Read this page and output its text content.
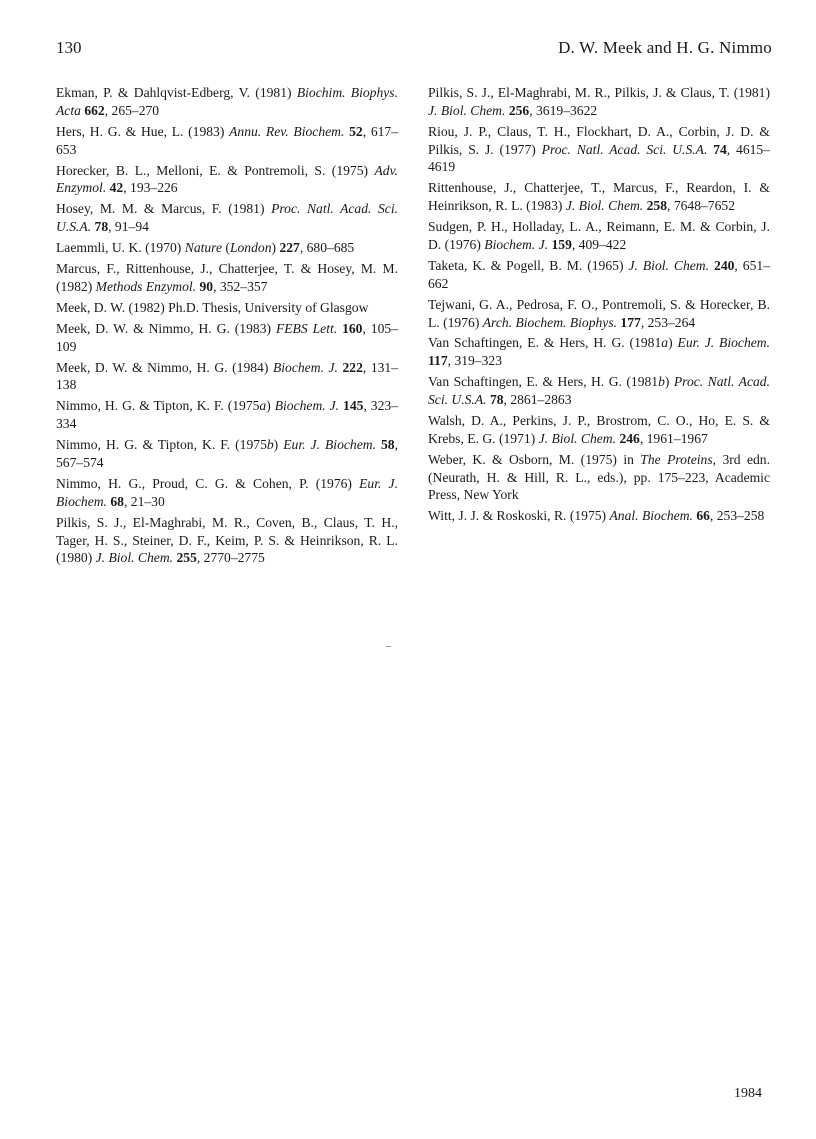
130	D. W. Meek and H. G. Nimmo

Ekman, P. & Dahlqvist-Edberg, V. (1981) Biochim. Biophys. Acta 662, 265–270

Hers, H. G. & Hue, L. (1983) Annu. Rev. Biochem. 52, 617–653

Horecker, B. L., Melloni, E. & Pontremoli, S. (1975) Adv. Enzymol. 42, 193–226

Hosey, M. M. & Marcus, F. (1981) Proc. Natl. Acad. Sci. U.S.A. 78, 91–94

Laemmli, U. K. (1970) Nature (London) 227, 680–685

Marcus, F., Rittenhouse, J., Chatterjee, T. & Hosey, M. M. (1982) Methods Enzymol. 90, 352–357

Meek, D. W. (1982) Ph.D. Thesis, University of Glasgow

Meek, D. W. & Nimmo, H. G. (1983) FEBS Lett. 160, 105–109

Meek, D. W. & Nimmo, H. G. (1984) Biochem. J. 222, 131–138

Nimmo, H. G. & Tipton, K. F. (1975a) Biochem. J. 145, 323–334

Nimmo, H. G. & Tipton, K. F. (1975b) Eur. J. Biochem. 58, 567–574

Nimmo, H. G., Proud, C. G. & Cohen, P. (1976) Eur. J. Biochem. 68, 21–30

Pilkis, S. J., El-Maghrabi, M. R., Coven, B., Claus, T. H., Tager, H. S., Steiner, D. F., Keim, P. S. & Heinrikson, R. L. (1980) J. Biol. Chem. 255, 2770–2775

Pilkis, S. J., El-Maghrabi, M. R., Pilkis, J. & Claus, T. (1981) J. Biol. Chem. 256, 3619–3622

Riou, J. P., Claus, T. H., Flockhart, D. A., Corbin, J. D. & Pilkis, S. J. (1977) Proc. Natl. Acad. Sci. U.S.A. 74, 4615–4619

Rittenhouse, J., Chatterjee, T., Marcus, F., Reardon, I. & Heinrikson, R. L. (1983) J. Biol. Chem. 258, 7648–7652

Sudgen, P. H., Holladay, L. A., Reimann, E. M. & Corbin, J. D. (1976) Biochem. J. 159, 409–422

Taketa, K. & Pogell, B. M. (1965) J. Biol. Chem. 240, 651–662

Tejwani, G. A., Pedrosa, F. O., Pontremoli, S. & Horecker, B. L. (1976) Arch. Biochem. Biophys. 177, 253–264

Van Schaftingen, E. & Hers, H. G. (1981a) Eur. J. Biochem. 117, 319–323

Van Schaftingen, E. & Hers, H. G. (1981b) Proc. Natl. Acad. Sci. U.S.A. 78, 2861–2863

Walsh, D. A., Perkins, J. P., Brostrom, C. O., Ho, E. S. & Krebs, E. G. (1971) J. Biol. Chem. 246, 1961–1967

Weber, K. & Osborn, M. (1975) in The Proteins, 3rd edn. (Neurath, H. & Hill, R. L., eds.), pp. 175–223, Academic Press, New York

Witt, J. J. & Roskoski, R. (1975) Anal. Biochem. 66, 253–258

1984
